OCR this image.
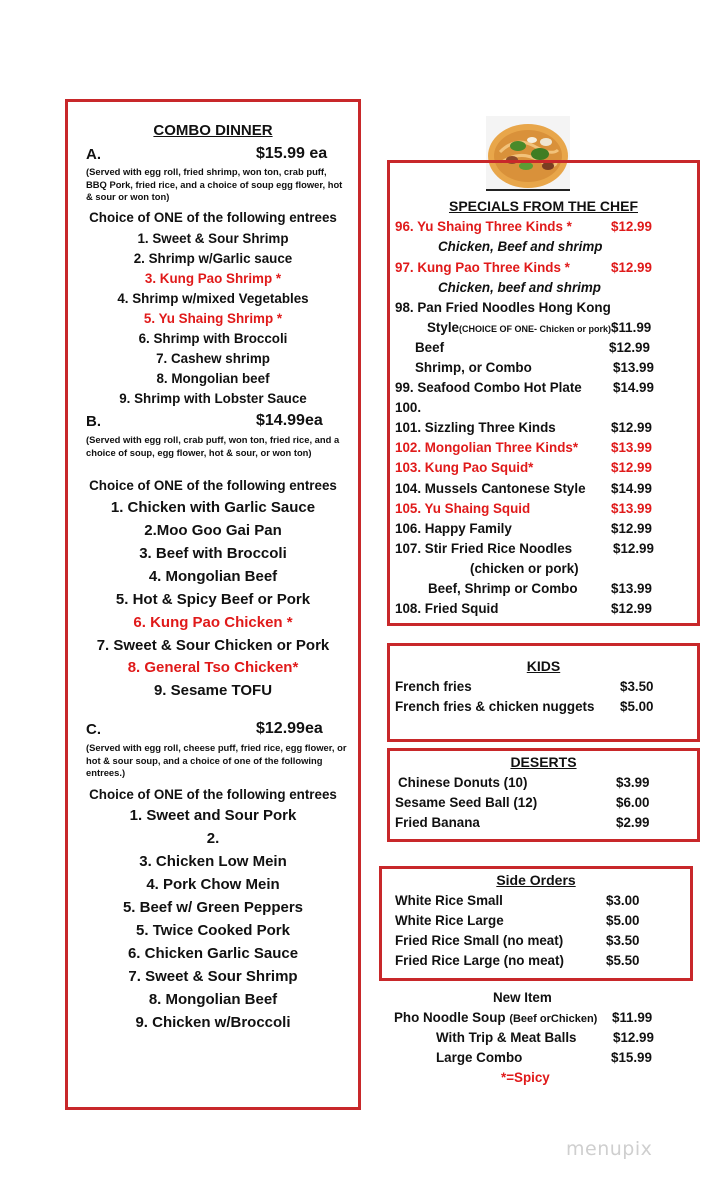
COMBO DINNER
A.	$15.99 ea
(Served with egg roll, fried shrimp, won ton, crab puff, BBQ Pork, fried rice, and a choice of soup egg flower, hot & sour or won ton)
Choice of ONE of the following entrees
1. Sweet & Sour Shrimp
2. Shrimp w/Garlic sauce
3. Kung Pao Shrimp *
4. Shrimp w/mixed Vegetables
5. Yu Shaing Shrimp *
6. Shrimp with Broccoli
7. Cashew shrimp
8. Mongolian beef
9. Shrimp with Lobster Sauce
B.	$14.99ea
(Served with egg roll, crab puff, won ton, fried rice, and a choice of soup, egg flower, hot & sour, or won ton)
Choice of ONE of the following entrees
1. Chicken with Garlic Sauce
2.Moo Goo Gai Pan
3. Beef with Broccoli
4. Mongolian Beef
5. Hot & Spicy Beef or Pork
6. Kung Pao Chicken *
7. Sweet & Sour Chicken or Pork
8. General Tso Chicken*
9. Sesame TOFU
C.	$12.99ea
(Served with egg roll, cheese puff, fried rice, egg flower, or hot & sour soup, and a choice of one of the following entrees.)
Choice of ONE of the following entrees
1. Sweet and Sour Pork
2.
3. Chicken Low Mein
4. Pork Chow Mein
5. Beef w/ Green Peppers
5. Twice Cooked Pork
6. Chicken Garlic Sauce
7. Sweet & Sour Shrimp
8. Mongolian Beef
9. Chicken w/Broccoli
SPECIALS FROM THE CHEF
96. Yu Shaing Three Kinds *	$12.99
Chicken, Beef and shrimp
97. Kung Pao Three Kinds *	$12.99
Chicken, beef and shrimp
98. Pan Fried Noodles Hong Kong
Style(CHOICE OF ONE- Chicken or pork) $11.99
Beef	$12.99
Shrimp, or Combo	$13.99
99. Seafood Combo Hot Plate $14.99
100.
101. Sizzling Three Kinds	$12.99
102. Mongolian Three Kinds* $13.99
103. Kung Pao Squid*	$12.99
104. Mussels Cantonese Style $14.99
105. Yu Shaing Squid	$13.99
106. Happy Family	$12.99
107. Stir Fried Rice Noodles	$12.99
(chicken or pork)
Beef, Shrimp or Combo $13.99
108. Fried Squid	$12.99
KIDS
French fries	$3.50
French fries & chicken nuggets $5.00
DESERTS
Chinese Donuts (10)	$3.99
Sesame Seed Ball (12)	$6.00
Fried Banana	$2.99
Side Orders
White Rice Small	$3.00
White Rice Large	$5.00
Fried Rice Small (no meat)	$3.50
Fried Rice Large (no meat)	$5.50
New Item
Pho Noodle Soup (Beef orChicken) $11.99
With Trip & Meat Balls	$12.99
Large Combo	$15.99
*=Spicy
menupix
